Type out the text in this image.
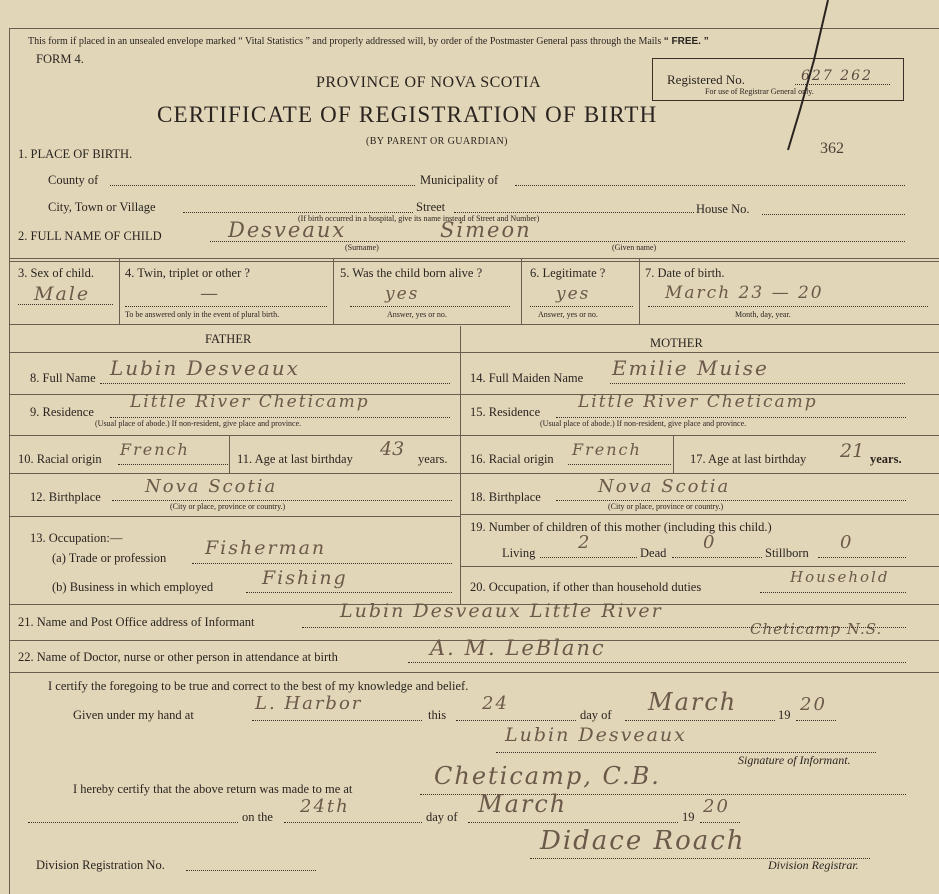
This form if placed in an unsealed envelope marked “ Vital Statistics ” and properly addressed will, by order of the Postmaster General pass through the Mails “ FREE. ”
FORM 4.
PROVINCE OF NOVA SCOTIA
CERTIFICATE OF REGISTRATION OF BIRTH
(BY PARENT OR GUARDIAN)
Registered No.	627 262
For use of Registrar General only.
362
1. PLACE OF BIRTH.
County of	Municipality of
City, Town or Village	Street	House No.
(If birth occurred in a hospital, give its name instead of Street and Number)
2. FULL NAME OF CHILD	Desveaux	Simeon
(Surname)	(Given name)
3. Sex of child.
Male
4. Twin, triplet or other ?
—
To be answered only in the event of plural birth.
5. Was the child born alive ?
yes
Answer, yes or no.
6. Legitimate ?
yes
Answer, yes or no.
7. Date of birth.
March 23 — 20
Month, day, year.
FATHER	MOTHER
8. Full Name Lubin Desveaux
9. Residence Little River Cheticamp
(Usual place of abode.) If non-resident, give place and province.
10. Racial origin French	11. Age at last birthday 43 years.
12. Birthplace Nova Scotia
(City or place, province or country.)
13. Occupation:—
(a) Trade or profession Fisherman
(b) Business in which employed	Fishing
14. Full Maiden Name Emilie Muise
15. Residence Little River Cheticamp
(Usual place of abode.) If non-resident, give place and province.
16. Racial origin French	17. Age at last birthday 21 years.
18. Birthplace	Nova Scotia
(City or place, province or country.)
19. Number of children of this mother (including this child.)
Living 2	Dead 0	Stillborn 0
20. Occupation, if other than household duties
Household
21. Name and Post Office address of Informant	Lubin Desveaux Little River
Cheticamp N.S.
22. Name of Doctor, nurse or other person in attendance at birth	A. M. LeBlanc
I certify the foregoing to be true and correct to the best of my knowledge and belief.
Given under my hand at
L. Harbor
this
24
day of March	19 20
Lubin Desveaux
Signature of Informant.
I hereby certify that the above return was made to me at	Cheticamp, C.B.
on the 24th	day of March	19 20
Division Registration No.
Didace Roach
Division Registrar.
